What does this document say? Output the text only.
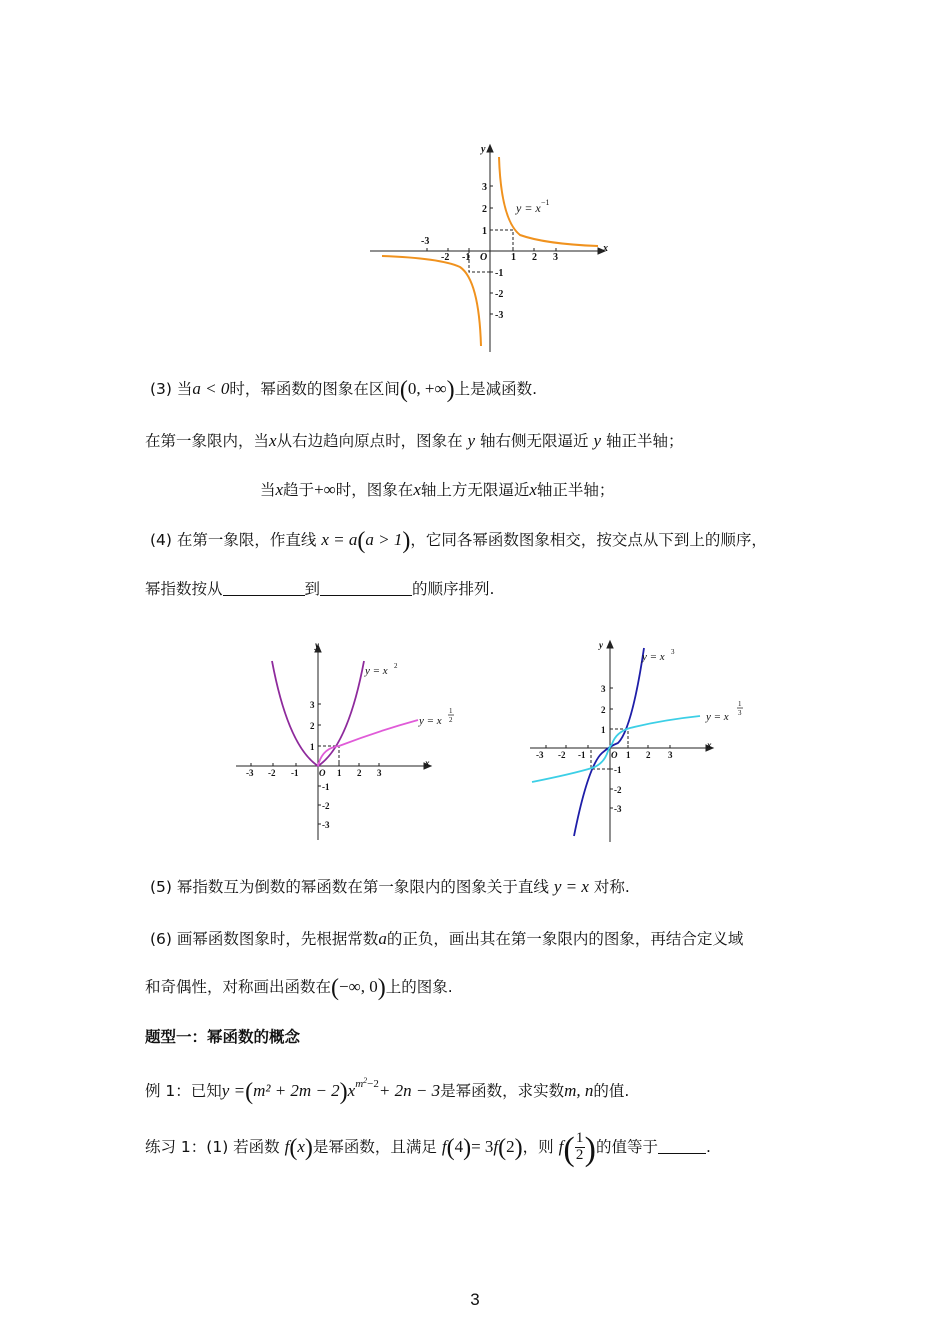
-3
-2 -1	1 2 3
3
2
1
-1
-2
-3
O
x
y
y = x −1
(3) 当a < 0时，幂函数的图象在区间(0, +∞)上是减函数.
在第一象限内，当x从右边趋向原点时，图象在 y 轴右侧无限逼近 y 轴正半轴；
当x趋于+∞时，图象在x轴上方无限逼近x轴正半轴；
(4) 在第一象限，作直线 x = a(a > 1)，它同各幂函数图象相交，按交点从下到上的顺序，
幂指数按从	到	的顺序排列.
-3 -2 -1	1 2 3
3
2
1
-1
-2
-3
O
x
y
y = x 2
y = x
1
2
-3 -2 -1	1 2 3
3
2
1
-1
-2
-3
O
x
y
y = x 3
y = x
1
3
(5) 幂指数互为倒数的幂函数在第一象限内的图象关于直线 y = x 对称.
(6) 画幂函数图象时，先根据常数a的正负，画出其在第一象限内的图象，再结合定义域
和奇偶性，对称画出函数在(−∞, 0)上的图象.
题型一：幂函数的概念
例 1：已知$y =(m^2 + 2m - 2)x^{m^2-2}+ 2n - 3$是幂函数，求实数m, n的值.
练习 1：(1) 若函数 f(x)是幂函数，且满足 f(4)= 3f(2)，则 $f( \frac{1}{2}$ )的值等于	.
3
